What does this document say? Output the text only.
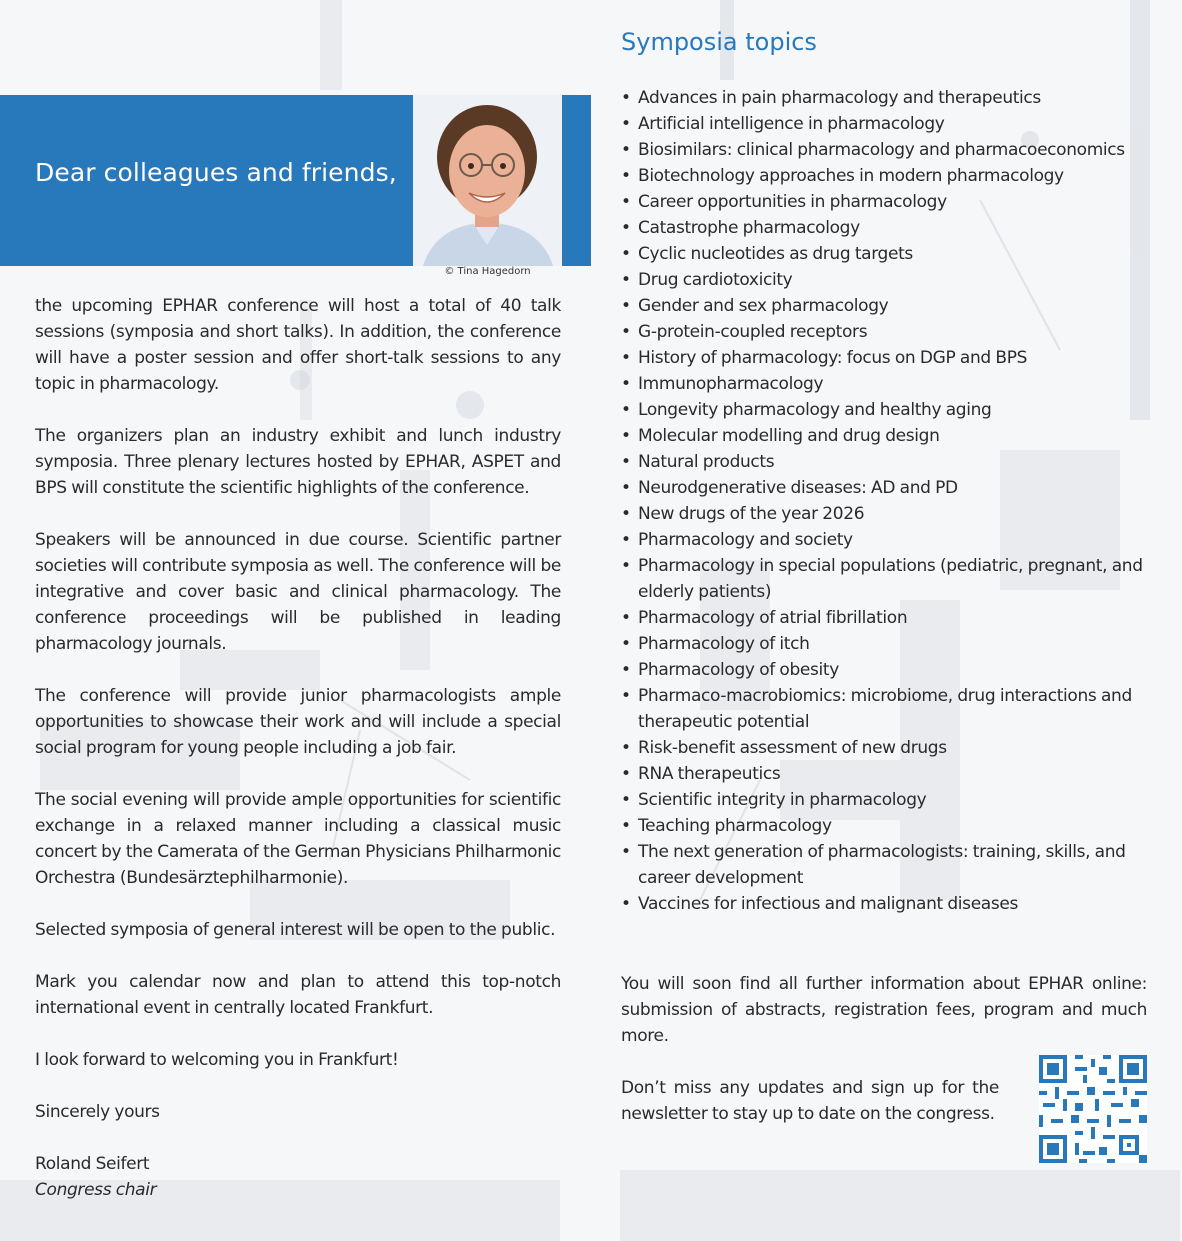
Dear colleagues and friends,
© Tina Hagedorn

the upcoming EPHAR conference will host a total of 40 talk sessions (symposia and short talks). In addition, the conference will have a poster session and offer short-talk sessions to any topic in pharmacology.

The organizers plan an industry exhibit and lunch industry symposia. Three plenary lectures hosted by EPHAR, ASPET and BPS will constitute the scientific highlights of the conference.

Speakers will be announced in due course. Scientific partner societies will contribute symposia as well. The conference will be integrative and cover basic and clinical pharmacology. The conference proceedings will be published in leading pharmacology journals.

The conference will provide junior pharmacologists ample opportunities to showcase their work and will include a special social program for young people including a job fair.

The social evening will provide ample opportunities for scientific exchange in a relaxed manner including a classical music concert by the Camerata of the German Physicians Philharmonic Orchestra (Bundesärztephilharmonie).

Selected symposia of general interest will be open to the public.

Mark you calendar now and plan to attend this top-notch international event in centrally located Frankfurt.

I look forward to welcoming you in Frankfurt!

Sincerely yours

Roland Seifert

Congress chair

Symposia topics
• Advances in pain pharmacology and therapeutics
• Artificial intelligence in pharmacology
• Biosimilars: clinical pharmacology and pharmacoeconomics
• Biotechnology approaches in modern pharmacology
• Career opportunities in pharmacology
• Catastrophe pharmacology
• Cyclic nucleotides as drug targets
• Drug cardiotoxicity
• Gender and sex pharmacology
• G-protein-coupled receptors
• History of pharmacology: focus on DGP and BPS
• Immunopharmacology
• Longevity pharmacology and healthy aging
• Molecular modelling and drug design
• Natural products
• Neurodgenerative diseases: AD and PD
• New drugs of the year 2026
• Pharmacology and society
• Pharmacology in special populations (pediatric, pregnant, and elderly patients)
• Pharmacology of atrial fibrillation
• Pharmacology of itch
• Pharmacology of obesity
• Pharmaco-macrobiomics: microbiome, drug interactions and therapeutic potential
• Risk-benefit assessment of new drugs
• RNA therapeutics
• Scientific integrity in pharmacology
• Teaching pharmacology
• The next generation of pharmacologists: training, skills, and career development
• Vaccines for infectious and malignant diseases

You will soon find all further information about EPHAR online: submission of abstracts, registration fees, program and much more.

Don’t miss any updates and sign up for the newsletter to stay up to date on the congress.
